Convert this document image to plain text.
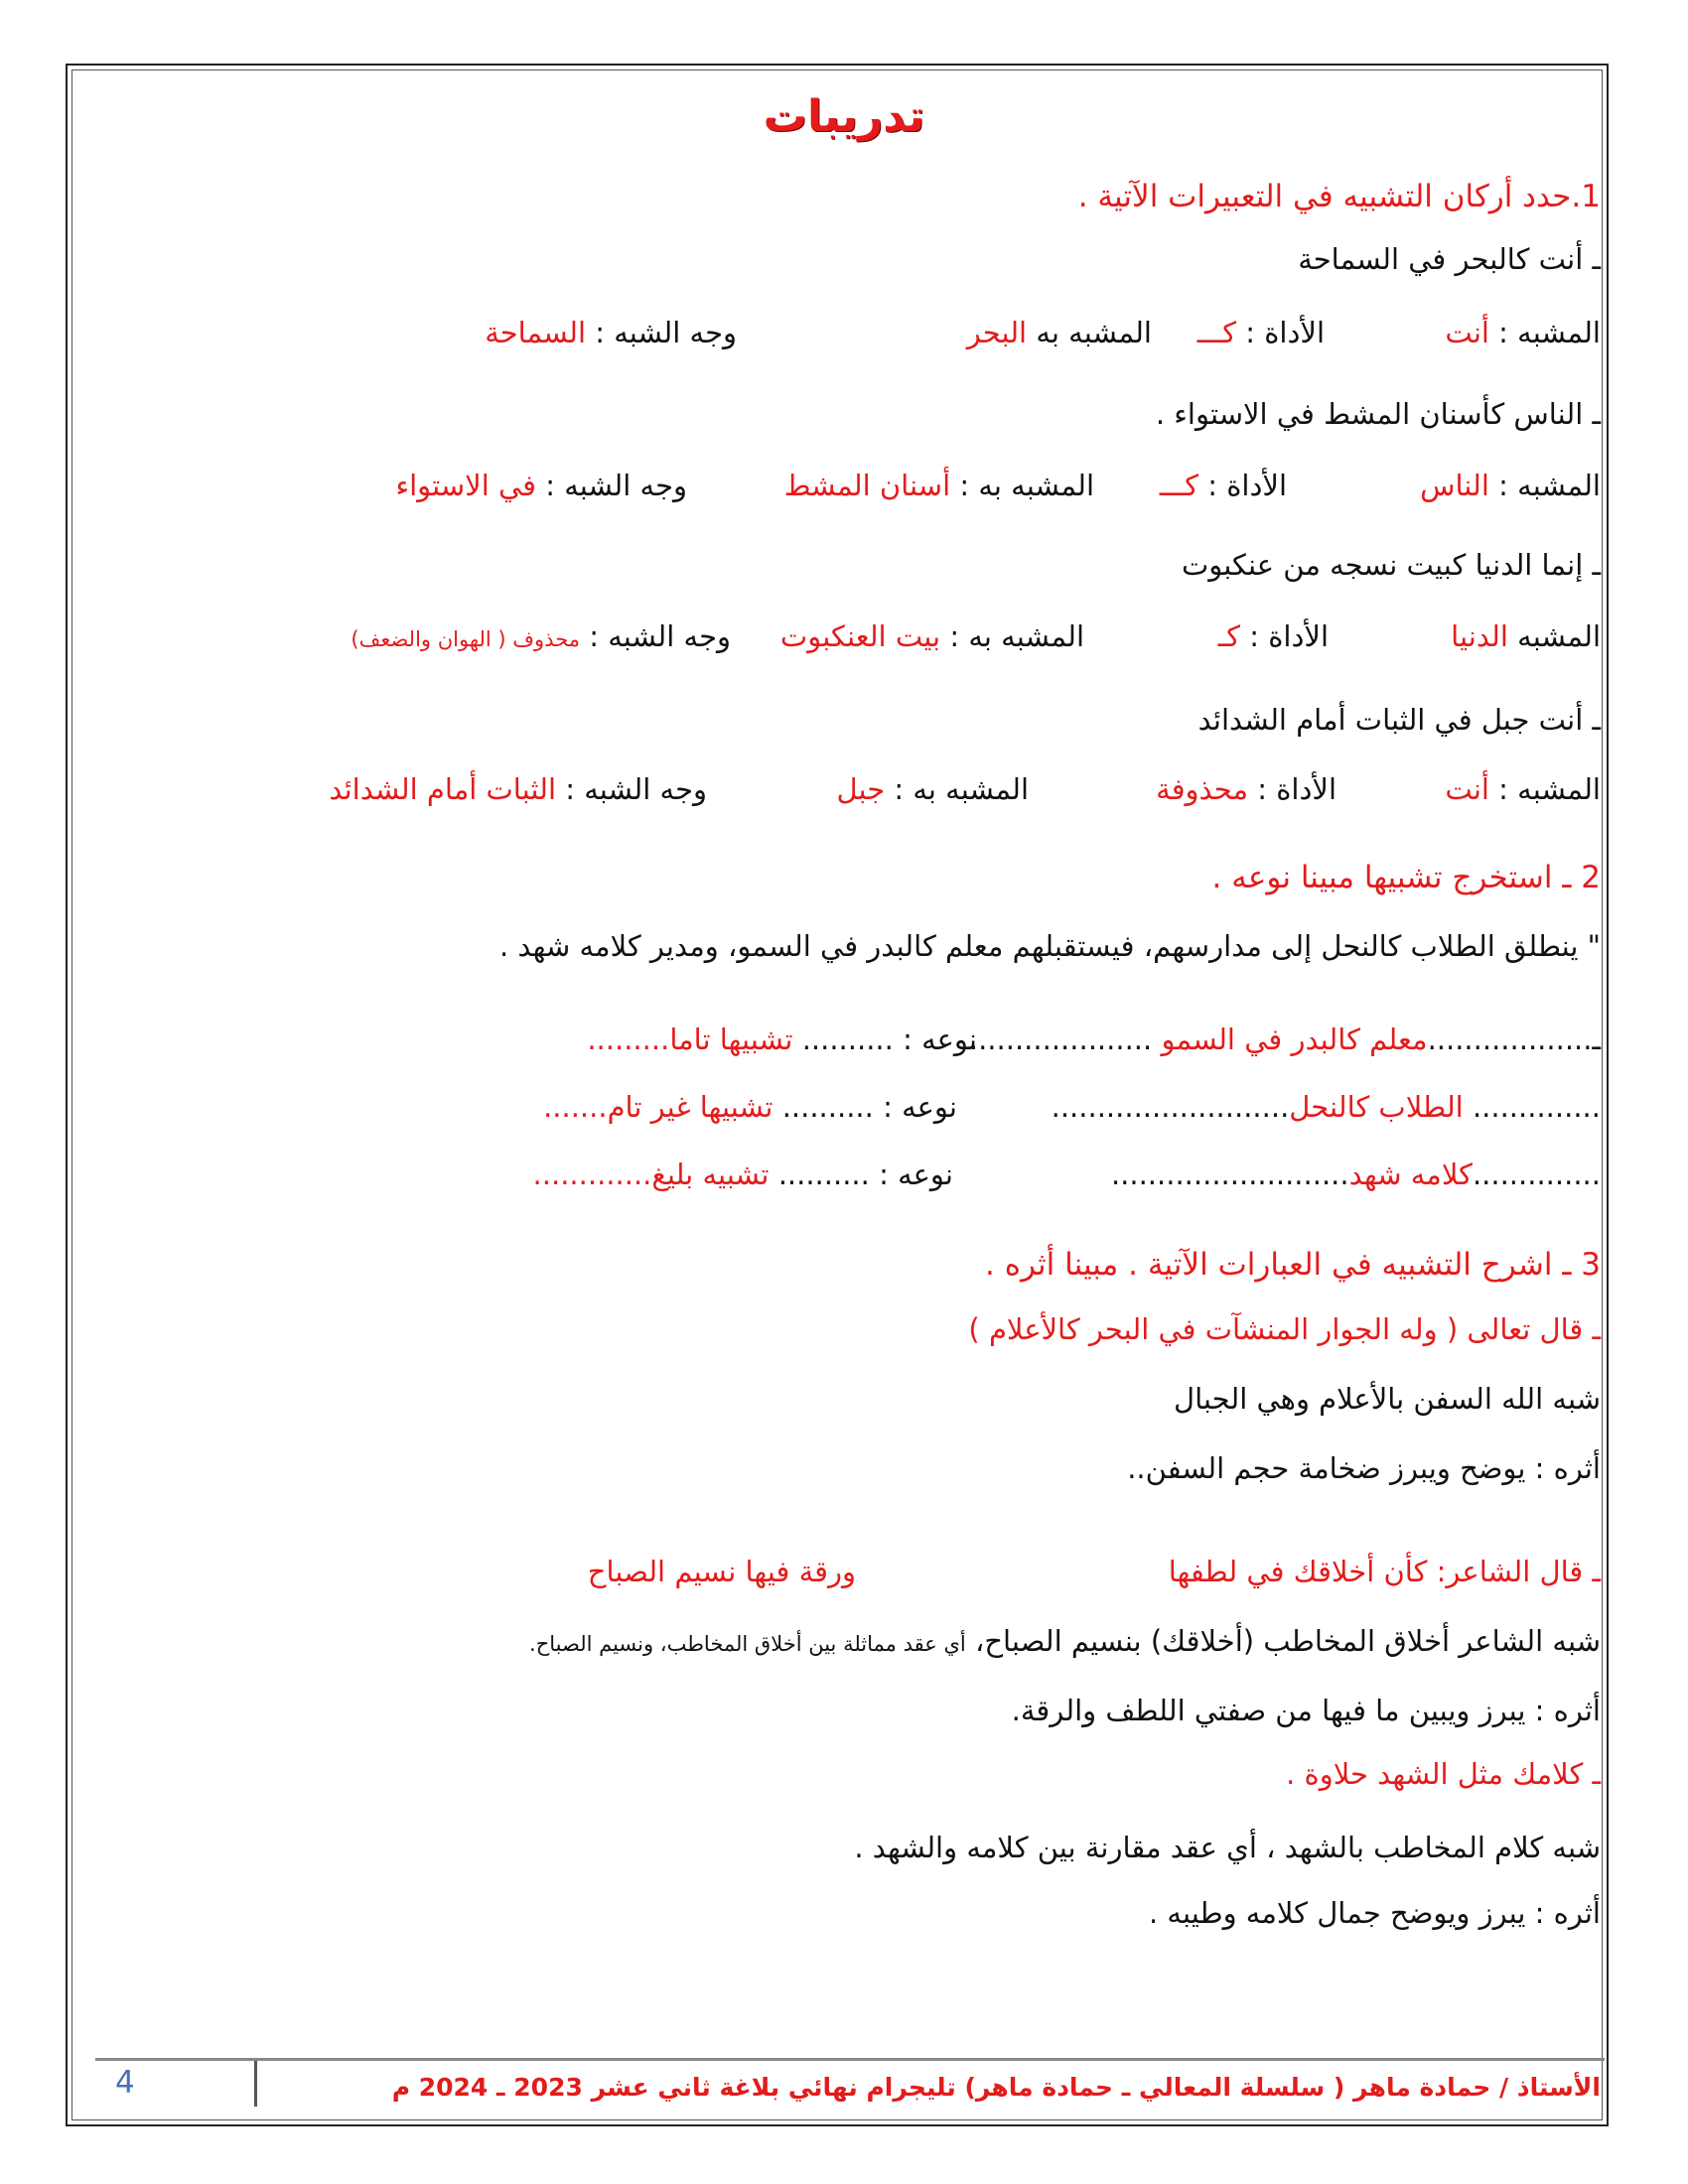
تدريبات
1.حدد أركان التشبيه في التعبيرات الآتية .
ـ أنت كالبحر في السماحة
المشبه : أنت
الأداة : كـــ
المشبه به البحر
وجه الشبه : السماحة
ـ الناس كأسنان المشط في الاستواء .
المشبه : الناس
الأداة : كـــ
المشبه به : أسنان المشط
وجه الشبه : في الاستواء
ـ إنما الدنيا كبيت نسجه من عنكبوت
المشبه الدنيا
الأداة : كـ
المشبه به : بيت العنكبوت
وجه الشبه : محذوف ( الهوان والضعف)
ـ أنت جبل في الثبات أمام الشدائد
المشبه : أنت
الأداة : محذوفة
المشبه به : جبل
وجه الشبه : الثبات أمام الشدائد
2 ـ استخرج تشبيها مبينا نوعه .
" ينطلق الطلاب كالنحل إلى مدارسهم، فيستقبلهم معلم كالبدر في السمو، ومدير كلامه شهد .
ـ..................معلم كالبدر في السمو ....................
نوعه : .......... تشبيها تاما.........
.............. الطلاب كالنحل..........................
نوعه : .......... تشبيها غير تام.......
..............كلامه شهد..........................
نوعه : .......... تشبيه بليغ.............
3 ـ اشرح التشبيه في العبارات الآتية . مبينا أثره .
ـ قال تعالى ( وله الجوار المنشآت في البحر كالأعلام )
شبه الله السفن بالأعلام وهي الجبال
أثره : يوضح ويبرز ضخامة حجم السفن..
ـ قال الشاعر: كأن أخلاقك في لطفها
ورقة فيها نسيم الصباح
شبه الشاعر أخلاق المخاطب (أخلاقك) بنسيم الصباح، أي عقد مماثلة بين أخلاق المخاطب، ونسيم الصباح.
أثره : يبرز ويبين ما فيها من صفتي اللطف والرقة.
ـ كلامك مثل الشهد حلاوة .
شبه كلام المخاطب بالشهد ، أي عقد مقارنة بين كلامه والشهد .
أثره : يبرز ويوضح جمال كلامه وطيبه .
الأستاذ / حمادة ماهر ( سلسلة المعالي ـ حمادة ماهر) تليجرام نهائي بلاغة ثاني عشر 2023 ـ 2024 م
4
